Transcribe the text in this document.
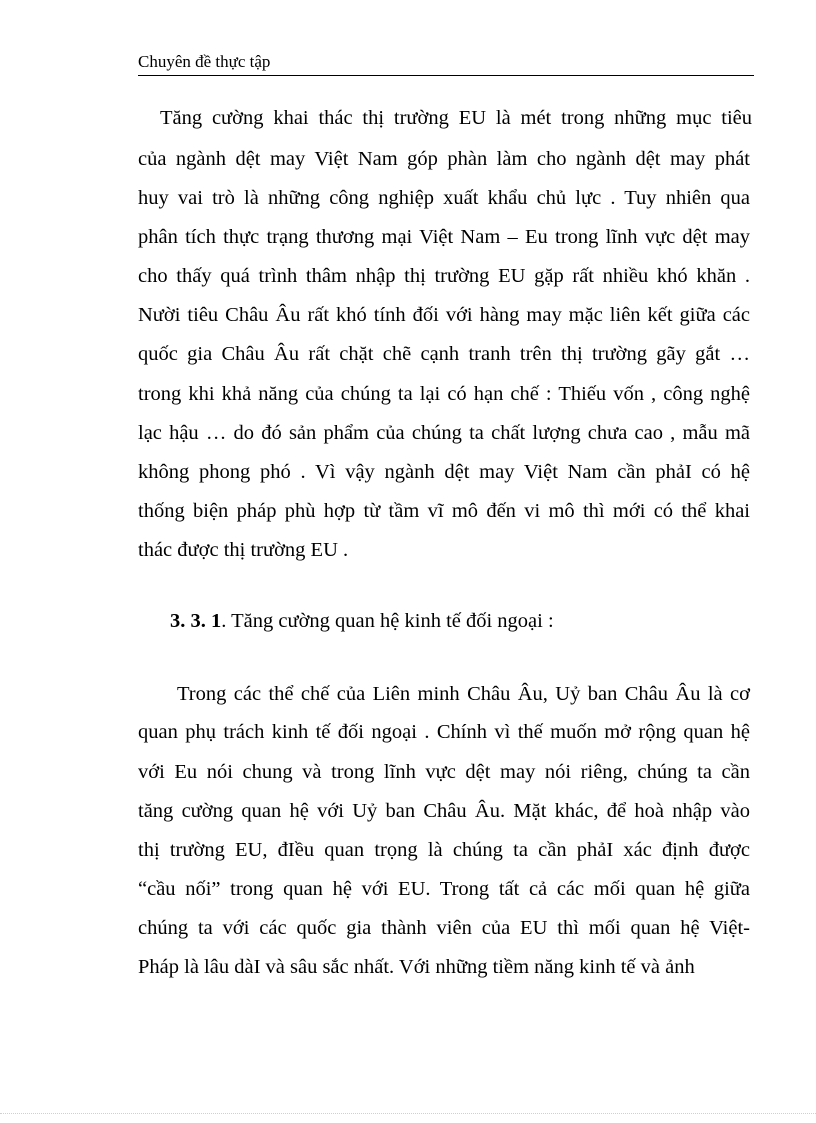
Chuyên đề thực tập
Tăng cường khai thác thị trường EU là mét trong những mục tiêu
của ngành dệt may Việt Nam góp phàn làm cho ngành dệt may phát
huy vai trò là những công nghiệp xuất khẩu chủ lực . Tuy nhiên qua
phân tích thực trạng thương mại Việt Nam – Eu trong lĩnh vực dệt may
cho thấy quá trình thâm nhập thị trường EU gặp rất nhiều khó khăn .
Nười tiêu Châu Âu rất khó tính đối với hàng may mặc liên kết giữa các
quốc gia Châu Âu rất chặt chẽ cạnh tranh trên thị trường gãy gắt …
trong khi khả năng của chúng ta lại có hạn chế : Thiếu vốn , công nghệ
lạc hậu … do đó sản phẩm của chúng ta chất lượng chưa cao , mẫu mã
không phong phó . Vì vậy ngành dệt may Việt Nam cần phảI có hệ
thống biện pháp phù hợp từ tầm vĩ mô đến vi mô thì mới có thể khai
thác được thị trường EU .
3. 3. 1. Tăng cường quan hệ kinh tế đối ngoại :
Trong các thể chế của Liên minh Châu Âu, Uỷ ban Châu Âu là cơ
quan phụ trách kinh tế đối ngoại . Chính vì thế muốn mở rộng quan hệ
với Eu nói chung và trong lĩnh vực dệt may nói riêng, chúng ta cần
tăng cường quan hệ với Uỷ ban Châu Âu. Mặt khác, để hoà nhập vào
thị trường EU, đIều quan trọng là chúng ta cần phảI xác định được
“cầu nối” trong quan hệ với EU. Trong tất cả các mối quan hệ giữa
chúng ta với các quốc gia thành viên của EU thì mối quan hệ Việt-
Pháp là lâu dàI và sâu sắc nhất. Với những tiềm năng kinh tế và ảnh
